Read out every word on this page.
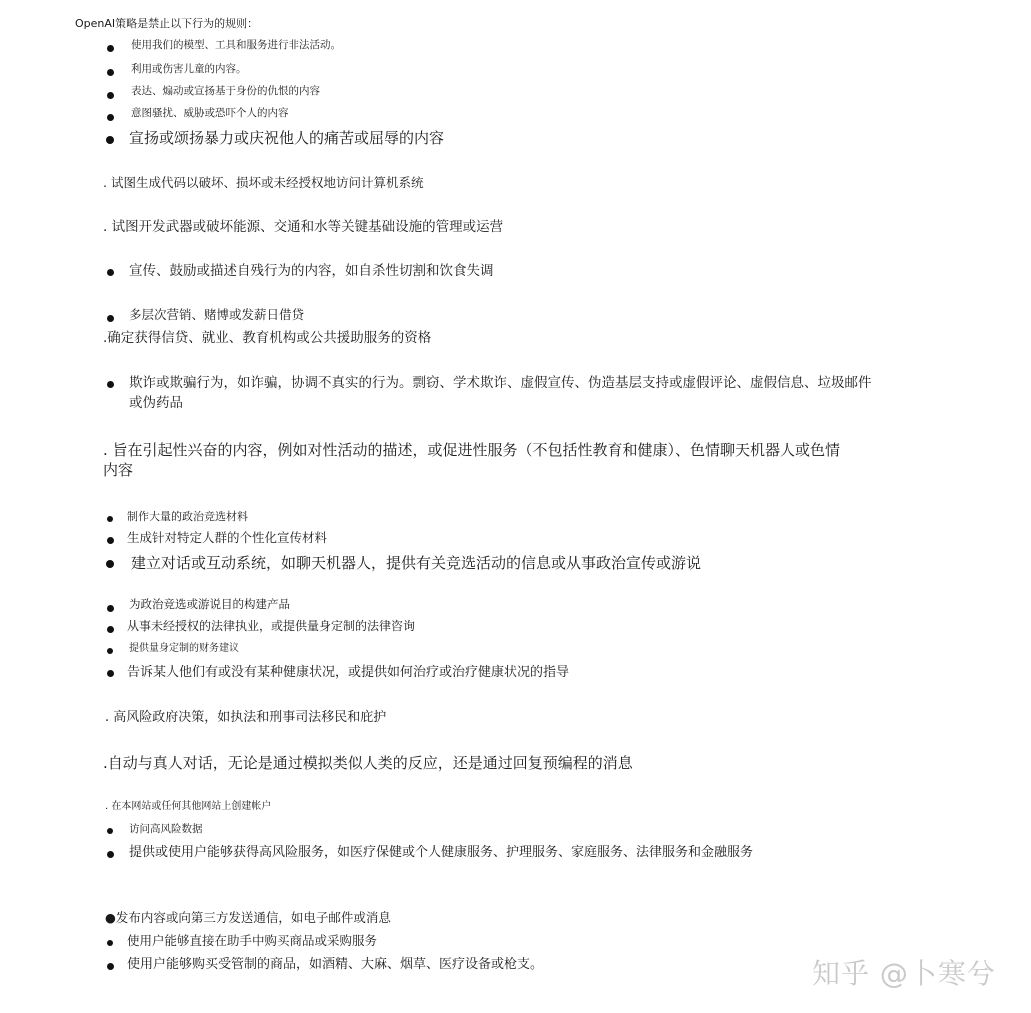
OpenAI策略是禁止以下行为的规则：
使用我们的模型、工具和服务进行非法活动。
利用或伤害儿童的内容。
表达、煽动或宣扬基于身份的仇恨的内容
意图骚扰、威胁或恐吓个人的内容
宣扬或颂扬暴力或庆祝他人的痛苦或屈辱的内容
. 试图生成代码以破坏、损坏或未经授权地访问计算机系统
. 试图开发武器或破坏能源、交通和水等关键基础设施的管理或运营
宣传、鼓励或描述自残行为的内容，如自杀性切割和饮食失调
多层次营销、赌博或发薪日借贷
.确定获得信贷、就业、教育机构或公共援助服务的资格
欺诈或欺骗行为，如诈骗，协调不真实的行为。剽窃、学术欺诈、虚假宣传、伪造基层支持或虚假评论、虚假信息、垃圾邮件
或伪药品
. 旨在引起性兴奋的内容，例如对性活动的描述，或促进性服务（不包括性教育和健康）、色情聊天机器人或色情
内容
制作大量的政治竞选材料
生成针对特定人群的个性化宣传材料
建立对话或互动系统，如聊天机器人，提供有关竞选活动的信息或从事政治宣传或游说
为政治竞选或游说目的构建产品
从事未经授权的法律执业，或提供量身定制的法律咨询
提供量身定制的财务建议
告诉某人他们有或没有某种健康状况，或提供如何治疗或治疗健康状况的指导
. 高风险政府决策，如执法和刑事司法移民和庇护
.自动与真人对话，无论是通过模拟类似人类的反应，还是通过回复预编程的消息
. 在本网站或任何其他网站上创建帐户
访问高风险数据
提供或使用户能够获得高风险服务，如医疗保健或个人健康服务、护理服务、家庭服务、法律服务和金融服务
●发布内容或向第三方发送通信，如电子邮件或消息
使用户能够直接在助手中购买商品或采购服务
使用户能够购买受管制的商品，如酒精、大麻、烟草、医疗设备或枪支。	知乎 @卜寒兮
